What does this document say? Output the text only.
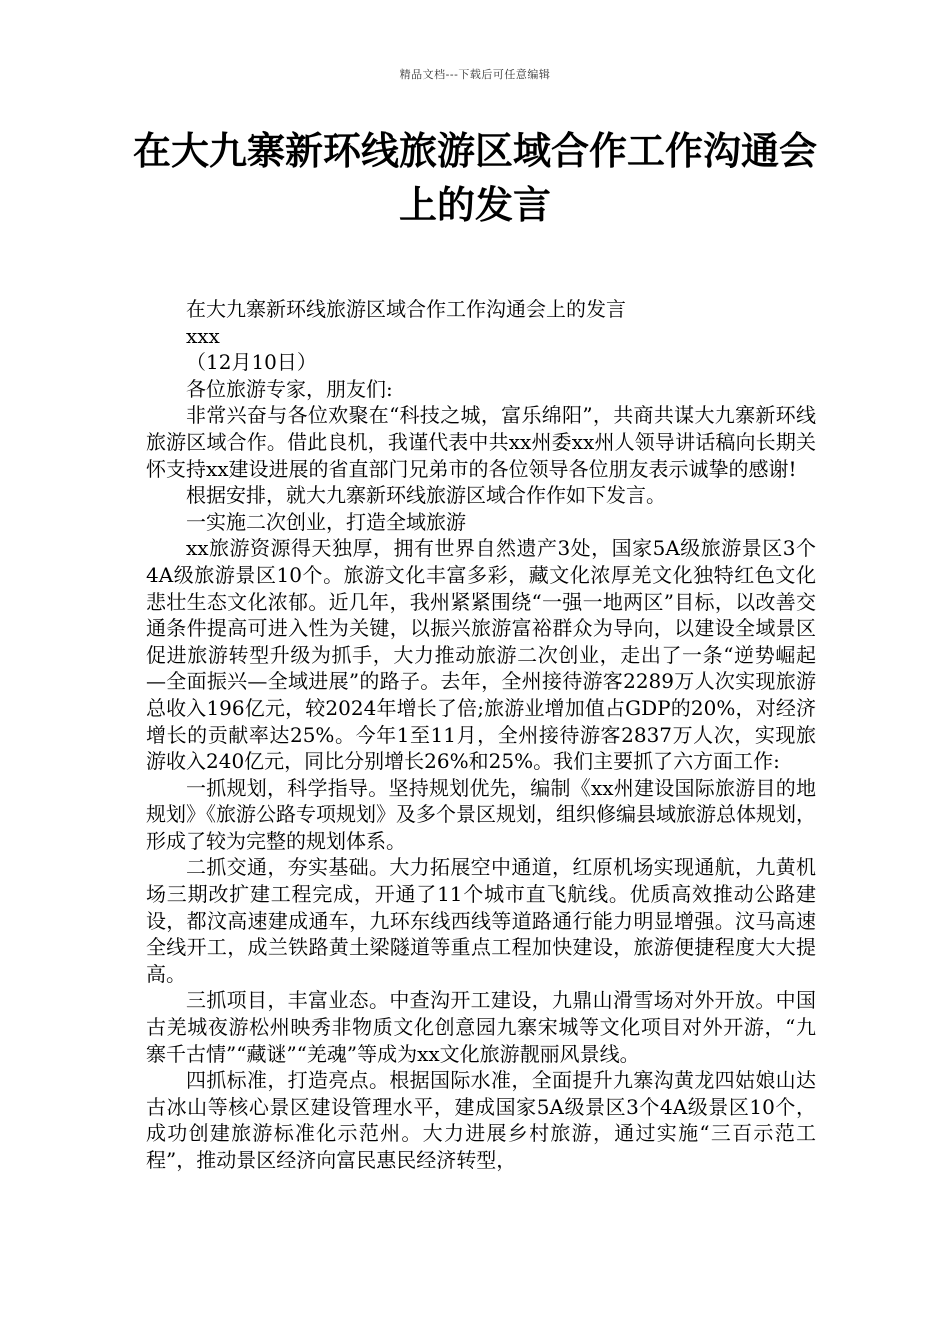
精品文档---下载后可任意编辑
在大九寨新环线旅游区域合作工作沟通会上的发言

在大九寨新环线旅游区域合作工作沟通会上的发言

xxx

（12月10日）

各位旅游专家，朋友们:

非常兴奋与各位欢聚在“科技之城，富乐绵阳”，共商共谋大九寨新环线旅游区域合作。借此良机，我谨代表中共xx州委xx州人领导讲话稿向长期关怀支持xx建设进展的省直部门兄弟市的各位领导各位朋友表示诚挚的感谢!

根据安排，就大九寨新环线旅游区域合作作如下发言。

一实施二次创业，打造全域旅游

xx旅游资源得天独厚，拥有世界自然遗产3处，国家5A级旅游景区3个4A级旅游景区10个。旅游文化丰富多彩，藏文化浓厚羌文化独特红色文化悲壮生态文化浓郁。近几年，我州紧紧围绕“一强一地两区”目标，以改善交通条件提高可进入性为关键，以振兴旅游富裕群众为导向，以建设全域景区促进旅游转型升级为抓手，大力推动旅游二次创业，走出了一条“逆势崛起—全面振兴—全域进展”的路子。去年，全州接待游客2289万人次实现旅游总收入196亿元，较2024年增长了倍;旅游业增加值占GDP的20%，对经济增长的贡献率达25%。今年1至11月，全州接待游客2837万人次，实现旅游收入240亿元，同比分别增长26%和25%。我们主要抓了六方面工作:

一抓规划，科学指导。坚持规划优先，编制《xx州建设国际旅游目的地规划》《旅游公路专项规划》及多个景区规划，组织修编县域旅游总体规划，形成了较为完整的规划体系。

二抓交通，夯实基础。大力拓展空中通道，红原机场实现通航，九黄机场三期改扩建工程完成，开通了11个城市直飞航线。优质高效推动公路建设，都汶高速建成通车，九环东线西线等道路通行能力明显增强。汶马高速全线开工，成兰铁路黄土梁隧道等重点工程加快建设，旅游便捷程度大大提高。

三抓项目，丰富业态。中查沟开工建设，九鼎山滑雪场对外开放。中国古羌城夜游松州映秀非物质文化创意园九寨宋城等文化项目对外开游，“九寨千古情”“藏谜”“羌魂”等成为xx文化旅游靓丽风景线。

四抓标准，打造亮点。根据国际水准，全面提升九寨沟黄龙四姑娘山达古冰山等核心景区建设管理水平，建成国家5A级景区3个4A级景区10个，成功创建旅游标准化示范州。大力进展乡村旅游，通过实施“三百示范工程”，推动景区经济向富民惠民经济转型，
